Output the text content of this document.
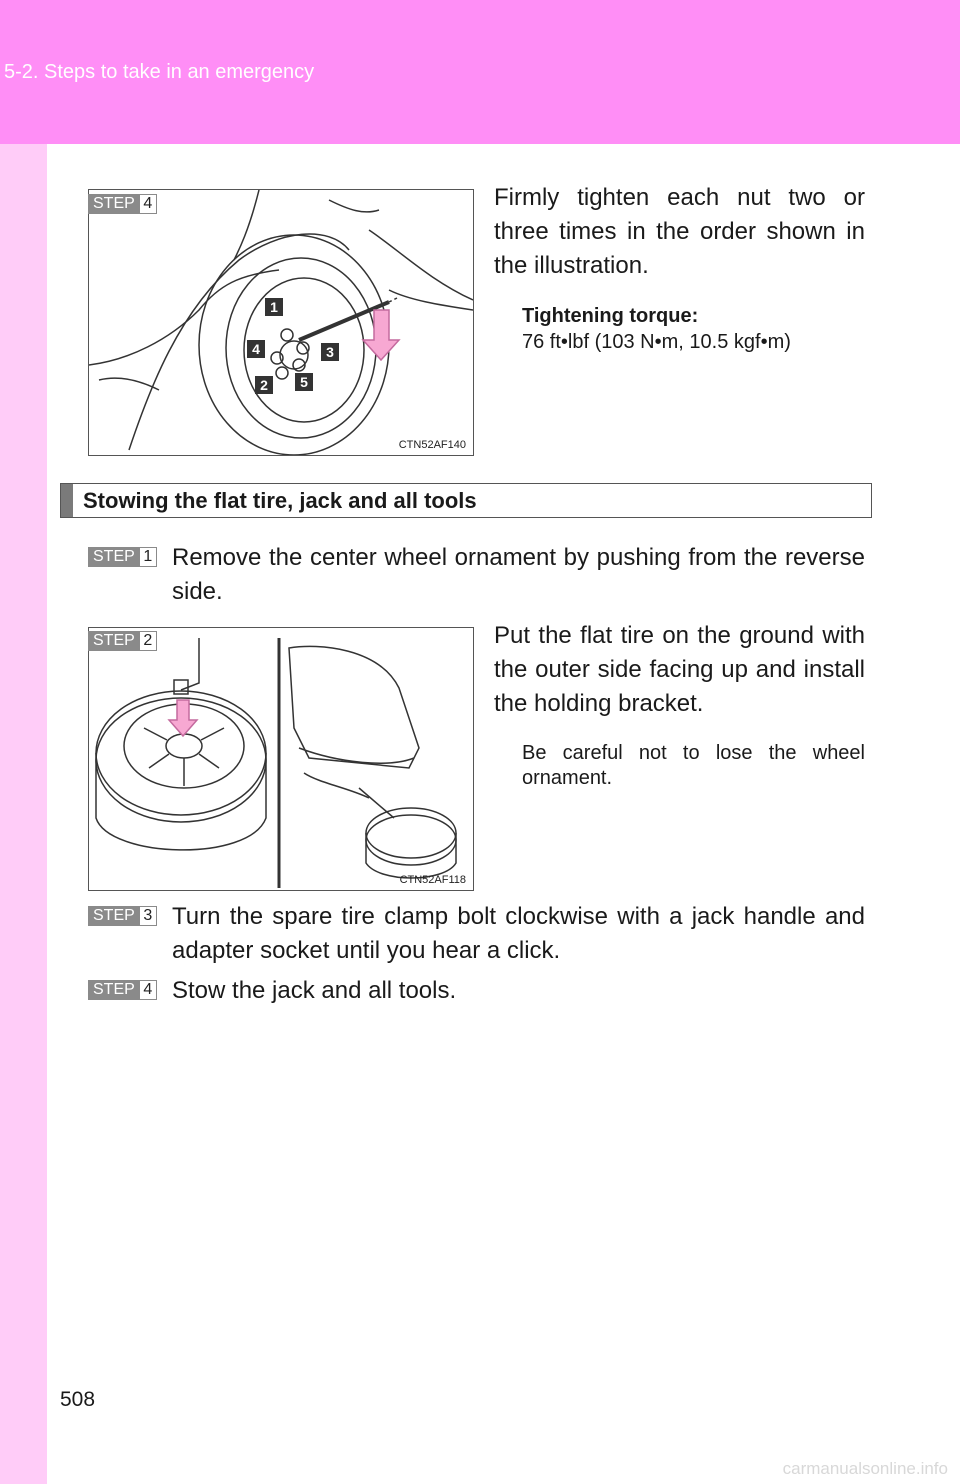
5-2. Steps to take in an emergency
1
2
3
4
5
CTN52AF140
STEP 4	Firmly tighten each nut two or three times in the order shown in the illustration.
Tightening torque:
76 ft•lbf (103 N•m, 10.5 kgf•m)
Stowing the flat tire, jack and all tools
STEP 1 Remove the center wheel ornament by pushing from the reverse side.
CTN52AF118
STEP 2	Put the flat tire on the ground with the outer side facing up and install the holding bracket.
Be careful not to lose the wheel ornament.
STEP 3 Turn the spare tire clamp bolt clockwise with a jack handle and adapter socket until you hear a click.
STEP 4 Stow the jack and all tools.
508
carmanualsonline.info
